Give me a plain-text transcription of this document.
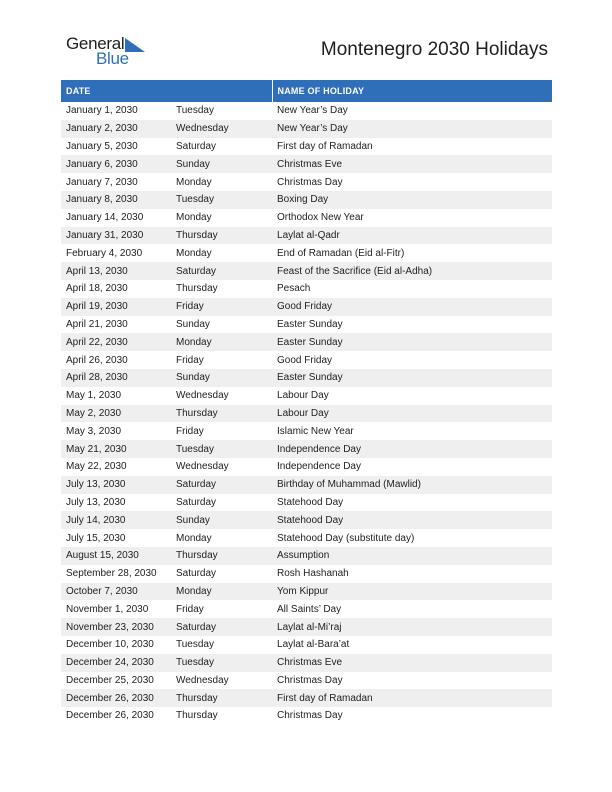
General
Blue	Montenegro 2030 Holidays
DATE		NAME OF HOLIDAY
January 1, 2030	Tuesday	New Year’s Day
January 2, 2030	Wednesday	New Year’s Day
January 5, 2030	Saturday	First day of Ramadan
January 6, 2030	Sunday	Christmas Eve
January 7, 2030	Monday	Christmas Day
January 8, 2030	Tuesday	Boxing Day
January 14, 2030	Monday	Orthodox New Year
January 31, 2030	Thursday	Laylat al-Qadr
February 4, 2030	Monday	End of Ramadan (Eid al-Fitr)
April 13, 2030	Saturday	Feast of the Sacrifice (Eid al-Adha)
April 18, 2030	Thursday	Pesach
April 19, 2030	Friday	Good Friday
April 21, 2030	Sunday	Easter Sunday
April 22, 2030	Monday	Easter Sunday
April 26, 2030	Friday	Good Friday
April 28, 2030	Sunday	Easter Sunday
May 1, 2030	Wednesday	Labour Day
May 2, 2030	Thursday	Labour Day
May 3, 2030	Friday	Islamic New Year
May 21, 2030	Tuesday	Independence Day
May 22, 2030	Wednesday	Independence Day
July 13, 2030	Saturday	Birthday of Muhammad (Mawlid)
July 13, 2030	Saturday	Statehood Day
July 14, 2030	Sunday	Statehood Day
July 15, 2030	Monday	Statehood Day (substitute day)
August 15, 2030	Thursday	Assumption
September 28, 2030	Saturday	Rosh Hashanah
October 7, 2030	Monday	Yom Kippur
November 1, 2030	Friday	All Saints’ Day
November 23, 2030	Saturday	Laylat al-Mi’raj
December 10, 2030	Tuesday	Laylat al-Bara’at
December 24, 2030	Tuesday	Christmas Eve
December 25, 2030	Wednesday	Christmas Day
December 26, 2030	Thursday	First day of Ramadan
December 26, 2030	Thursday	Christmas Day
